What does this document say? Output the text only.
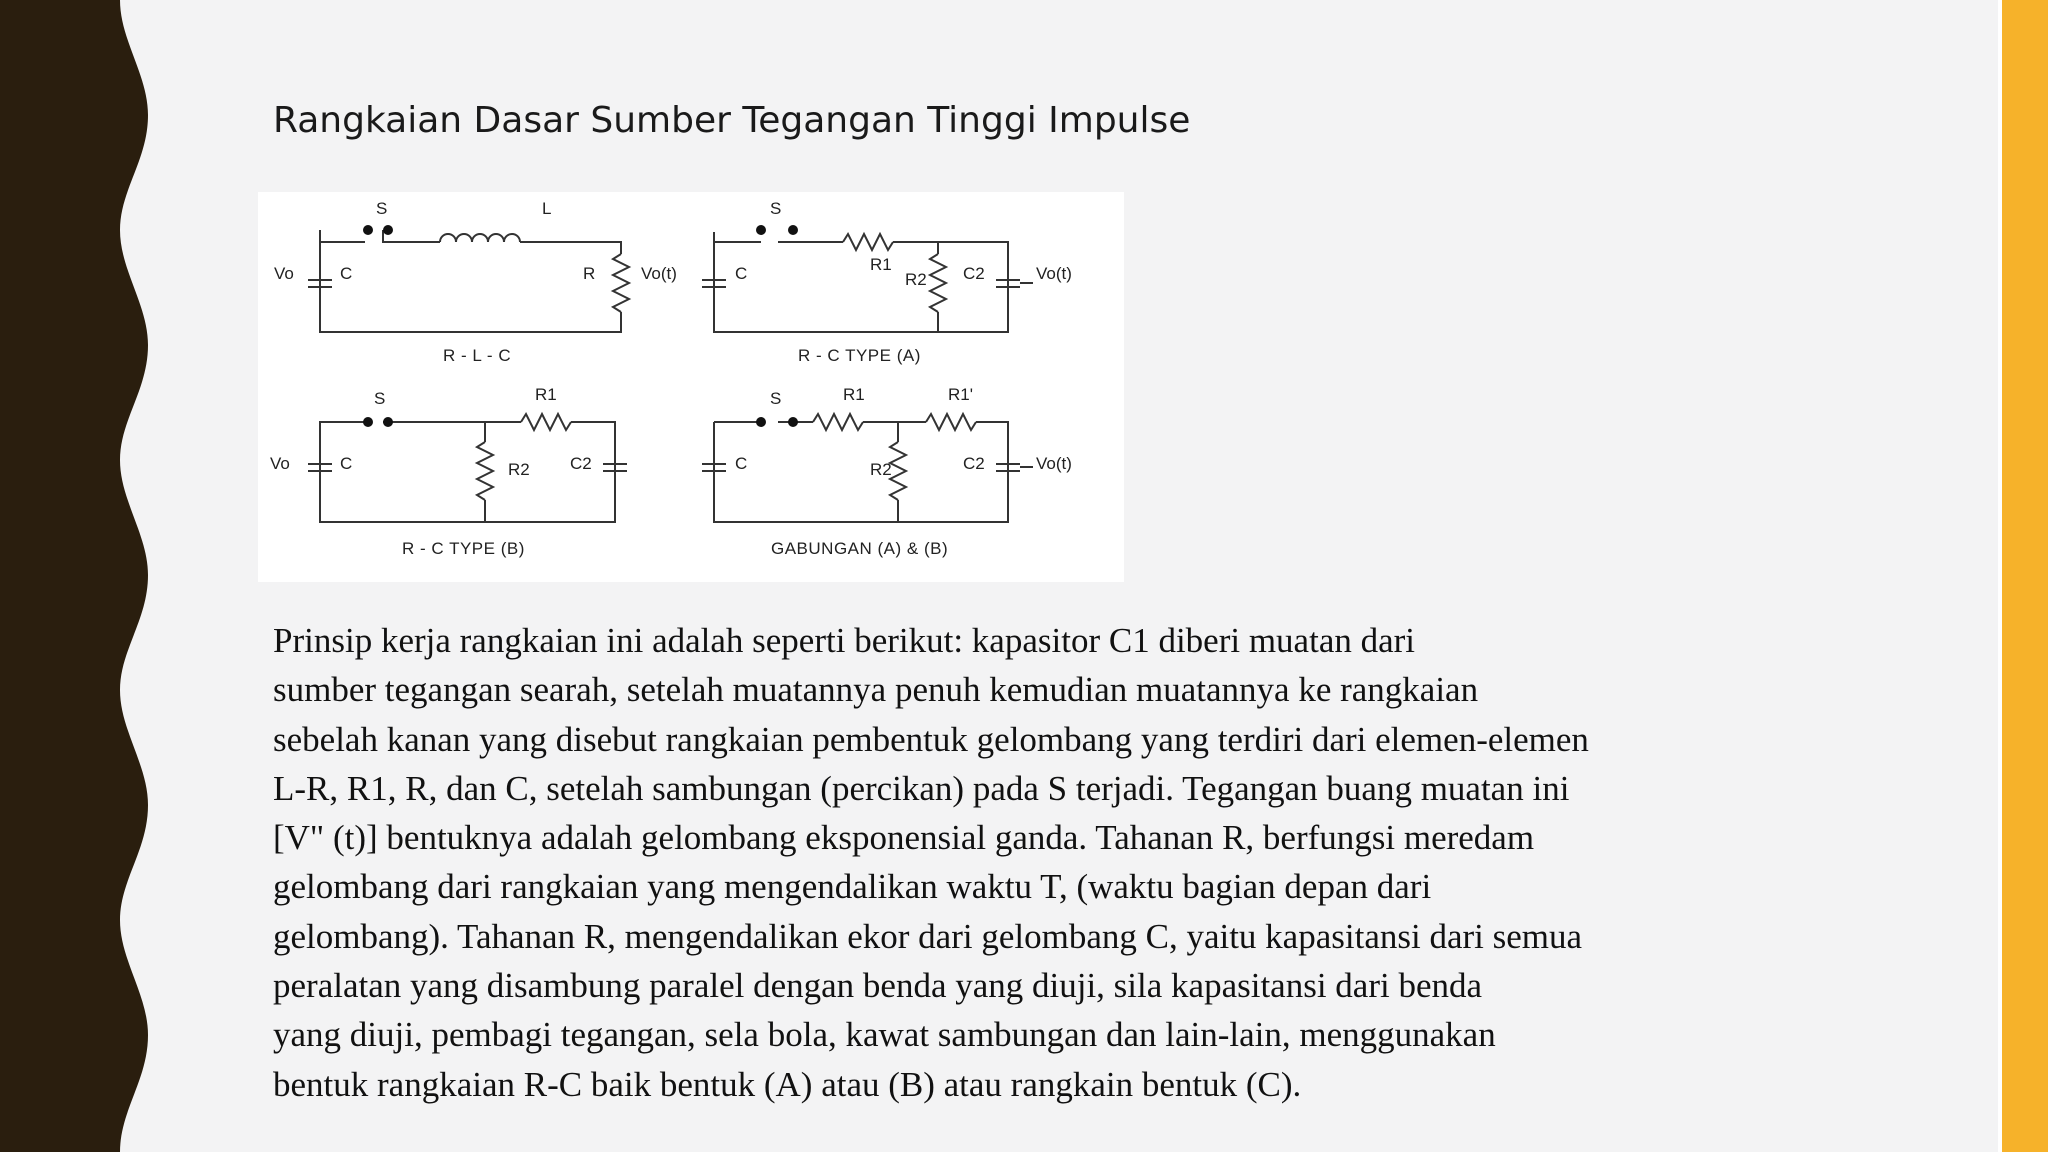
Rangkaian Dasar Sumber Tegangan Tinggi Impulse
S	L
Vo	C	R	Vo(t)
R - L - C
S
C	R1
R2 C2	Vo(t)
R - C TYPE (A)
S	R1
Vo	C	R2 C2
R - C TYPE (B)
S	R1	R1'
C	R2	C2	Vo(t)
GABUNGAN (A) & (B)

Prinsip kerja rangkaian ini adalah seperti berikut: kapasitor C1 diberi muatan dari
sumber tegangan searah, setelah muatannya penuh kemudian muatannya ke rangkaian
sebelah kanan yang disebut rangkaian pembentuk gelombang yang terdiri dari elemen-elemen
L-R, R1, R, dan C, setelah sambungan (percikan) pada S terjadi. Tegangan buang muatan ini
[V" (t)] bentuknya adalah gelombang eksponensial ganda. Tahanan R, berfungsi meredam
gelombang dari rangkaian yang mengendalikan waktu T, (waktu bagian depan dari
gelombang). Tahanan R, mengendalikan ekor dari gelombang C, yaitu kapasitansi dari semua
peralatan yang disambung paralel dengan benda yang diuji, sila kapasitansi dari benda
yang diuji, pembagi tegangan, sela bola, kawat sambungan dan lain-lain, menggunakan
bentuk rangkaian R-C baik bentuk (A) atau (B) atau rangkain bentuk (C).
